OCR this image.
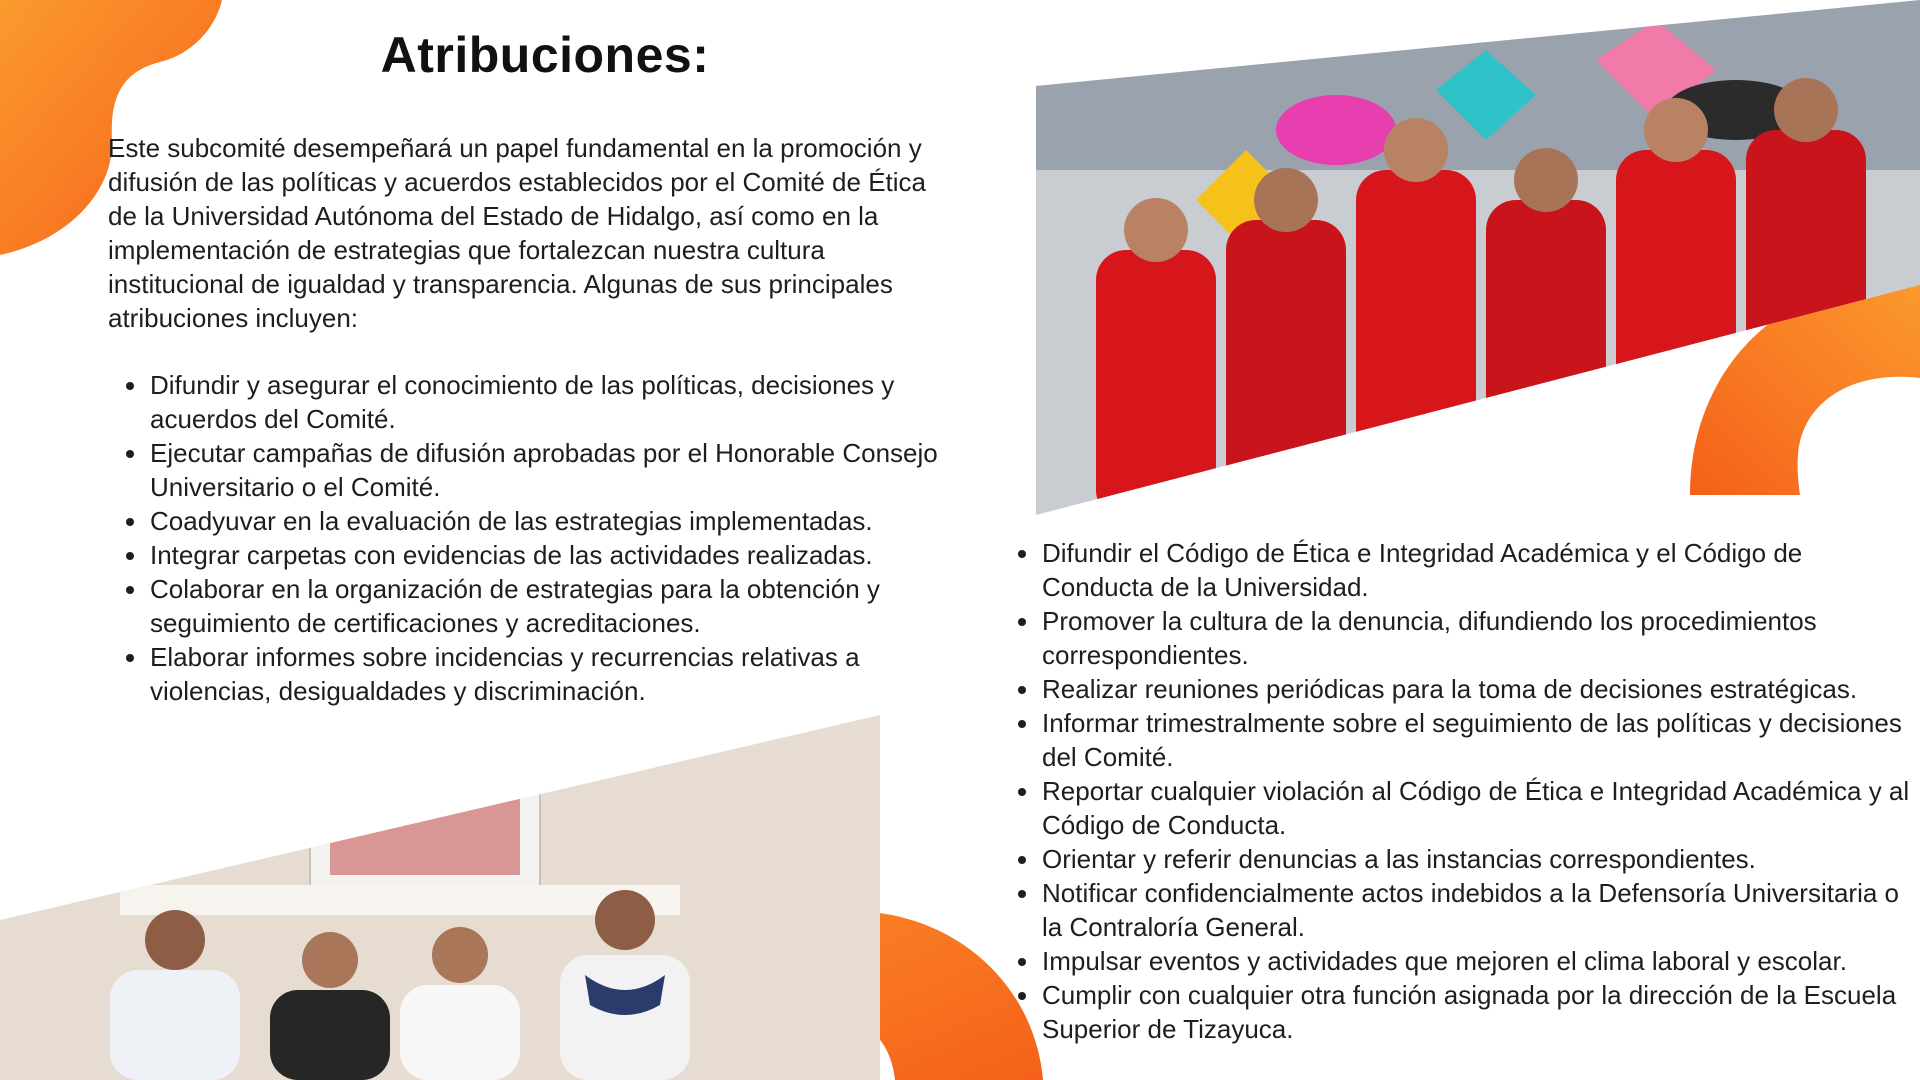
Atribuciones:

Este subcomité desempeñará un papel fundamental en la promoción y difusión de las políticas y acuerdos establecidos por el Comité de Ética de la Universidad Autónoma del Estado de Hidalgo, así como en la implementación de estrategias que fortalezcan nuestra cultura institucional de igualdad y transparencia. Algunas de sus principales atribuciones incluyen:

Difundir y asegurar el conocimiento de las políticas, decisiones y acuerdos del Comité.
Ejecutar campañas de difusión aprobadas por el Honorable Consejo Universitario o el Comité.
Coadyuvar en la evaluación de las estrategias implementadas.
Integrar carpetas con evidencias de las actividades realizadas.
Colaborar en la organización de estrategias para la obtención y seguimiento de certificaciones y acreditaciones.
Elaborar informes sobre incidencias y recurrencias relativas a violencias, desigualdades y discriminación.
Difundir el Código de Ética e Integridad Académica y el Código de Conducta de la Universidad.
Promover la cultura de la denuncia, difundiendo los procedimientos correspondientes.
Realizar reuniones periódicas para la toma de decisiones estratégicas.
Informar trimestralmente sobre el seguimiento de las políticas y decisiones del Comité.
Reportar cualquier violación al Código de Ética e Integridad Académica y al Código de Conducta.
Orientar y referir denuncias a las instancias correspondientes.
Notificar confidencialmente actos indebidos a la Defensoría Universitaria o la Contraloría General.
Impulsar eventos y actividades que mejoren el clima laboral y escolar.
Cumplir con cualquier otra función asignada por la dirección de la Escuela Superior de Tizayuca.
